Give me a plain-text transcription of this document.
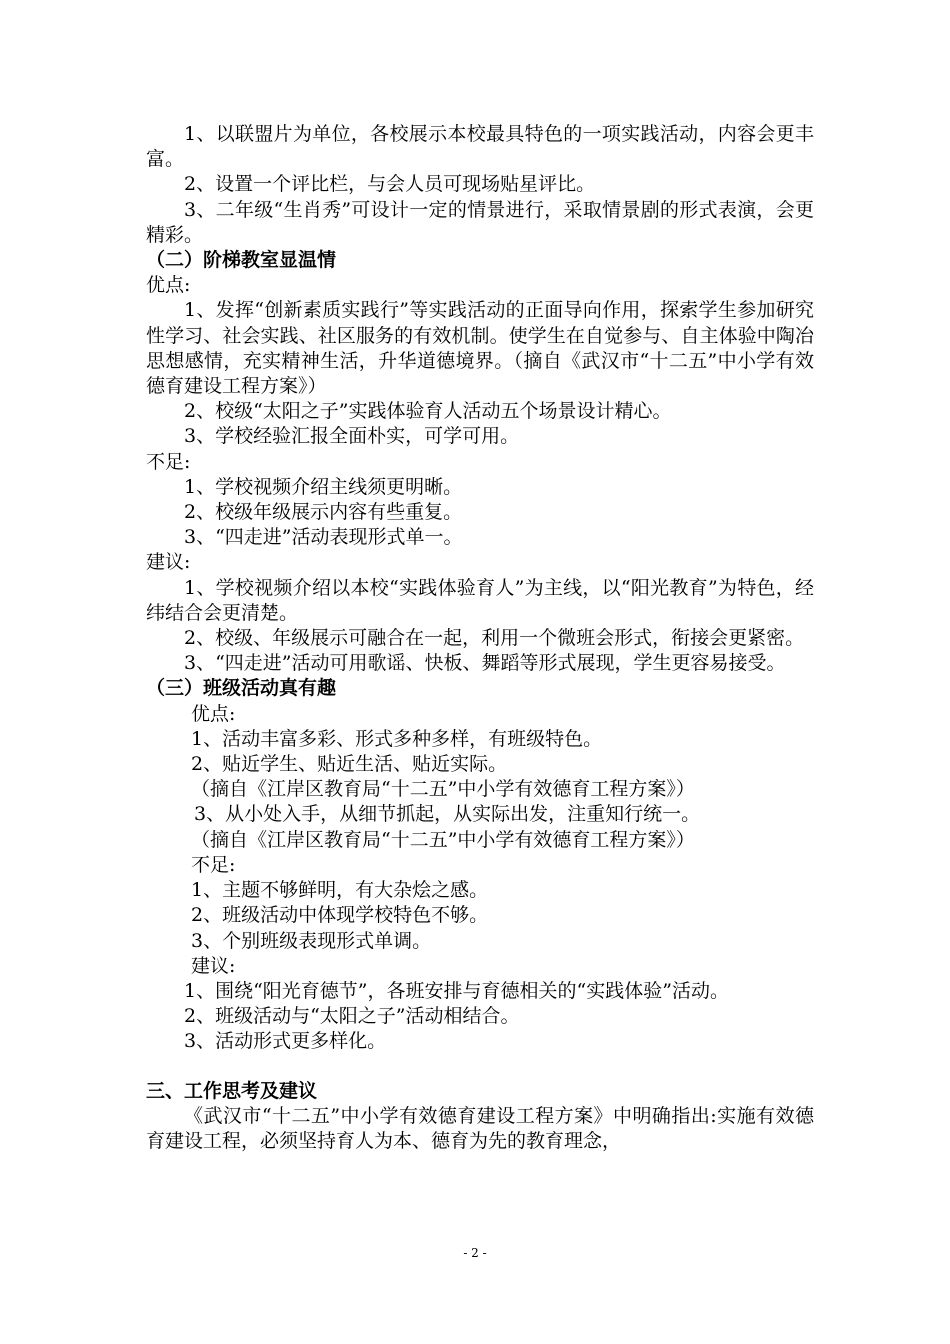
1、以联盟片为单位，各校展示本校最具特色的一项实践活动，内容会更丰富。

2、设置一个评比栏，与会人员可现场贴星评比。

3、二年级“生肖秀”可设计一定的情景进行，采取情景剧的形式表演，会更精彩。

（二）阶梯教室显温情

优点:

1、发挥“创新素质实践行”等实践活动的正面导向作用，探索学生参加研究性学习、社会实践、社区服务的有效机制。使学生在自觉参与、自主体验中陶冶思想感情，充实精神生活，升华道德境界。（摘自《武汉市“十二五”中小学有效德育建设工程方案》）

2、校级“太阳之子”实践体验育人活动五个场景设计精心。

3、学校经验汇报全面朴实，可学可用。

不足:

1、学校视频介绍主线须更明晰。

2、校级年级展示内容有些重复。

3、“四走进”活动表现形式单一。

建议:

1、学校视频介绍以本校“实践体验育人”为主线，以“阳光教育”为特色，经纬结合会更清楚。

2、校级、年级展示可融合在一起，利用一个微班会形式，衔接会更紧密。

3、“四走进”活动可用歌谣、快板、舞蹈等形式展现，学生更容易接受。

（三）班级活动真有趣

优点:

1、活动丰富多彩、形式多种多样，有班级特色。

2、贴近学生、贴近生活、贴近实际。

（摘自《江岸区教育局“十二五”中小学有效德育工程方案》）

3、从小处入手，从细节抓起，从实际出发，注重知行统一。

（摘自《江岸区教育局“十二五”中小学有效德育工程方案》）

不足:

1、主题不够鲜明，有大杂烩之感。

2、班级活动中体现学校特色不够。

3、个别班级表现形式单调。

建议:

1、围绕“阳光育德节”，各班安排与育德相关的“实践体验”活动。

2、班级活动与“太阳之子”活动相结合。

3、活动形式更多样化。

三、工作思考及建议

《武汉市“十二五”中小学有效德育建设工程方案》中明确指出:实施有效德育建设工程，必须坚持育人为本、德育为先的教育理念，

- 2 -
